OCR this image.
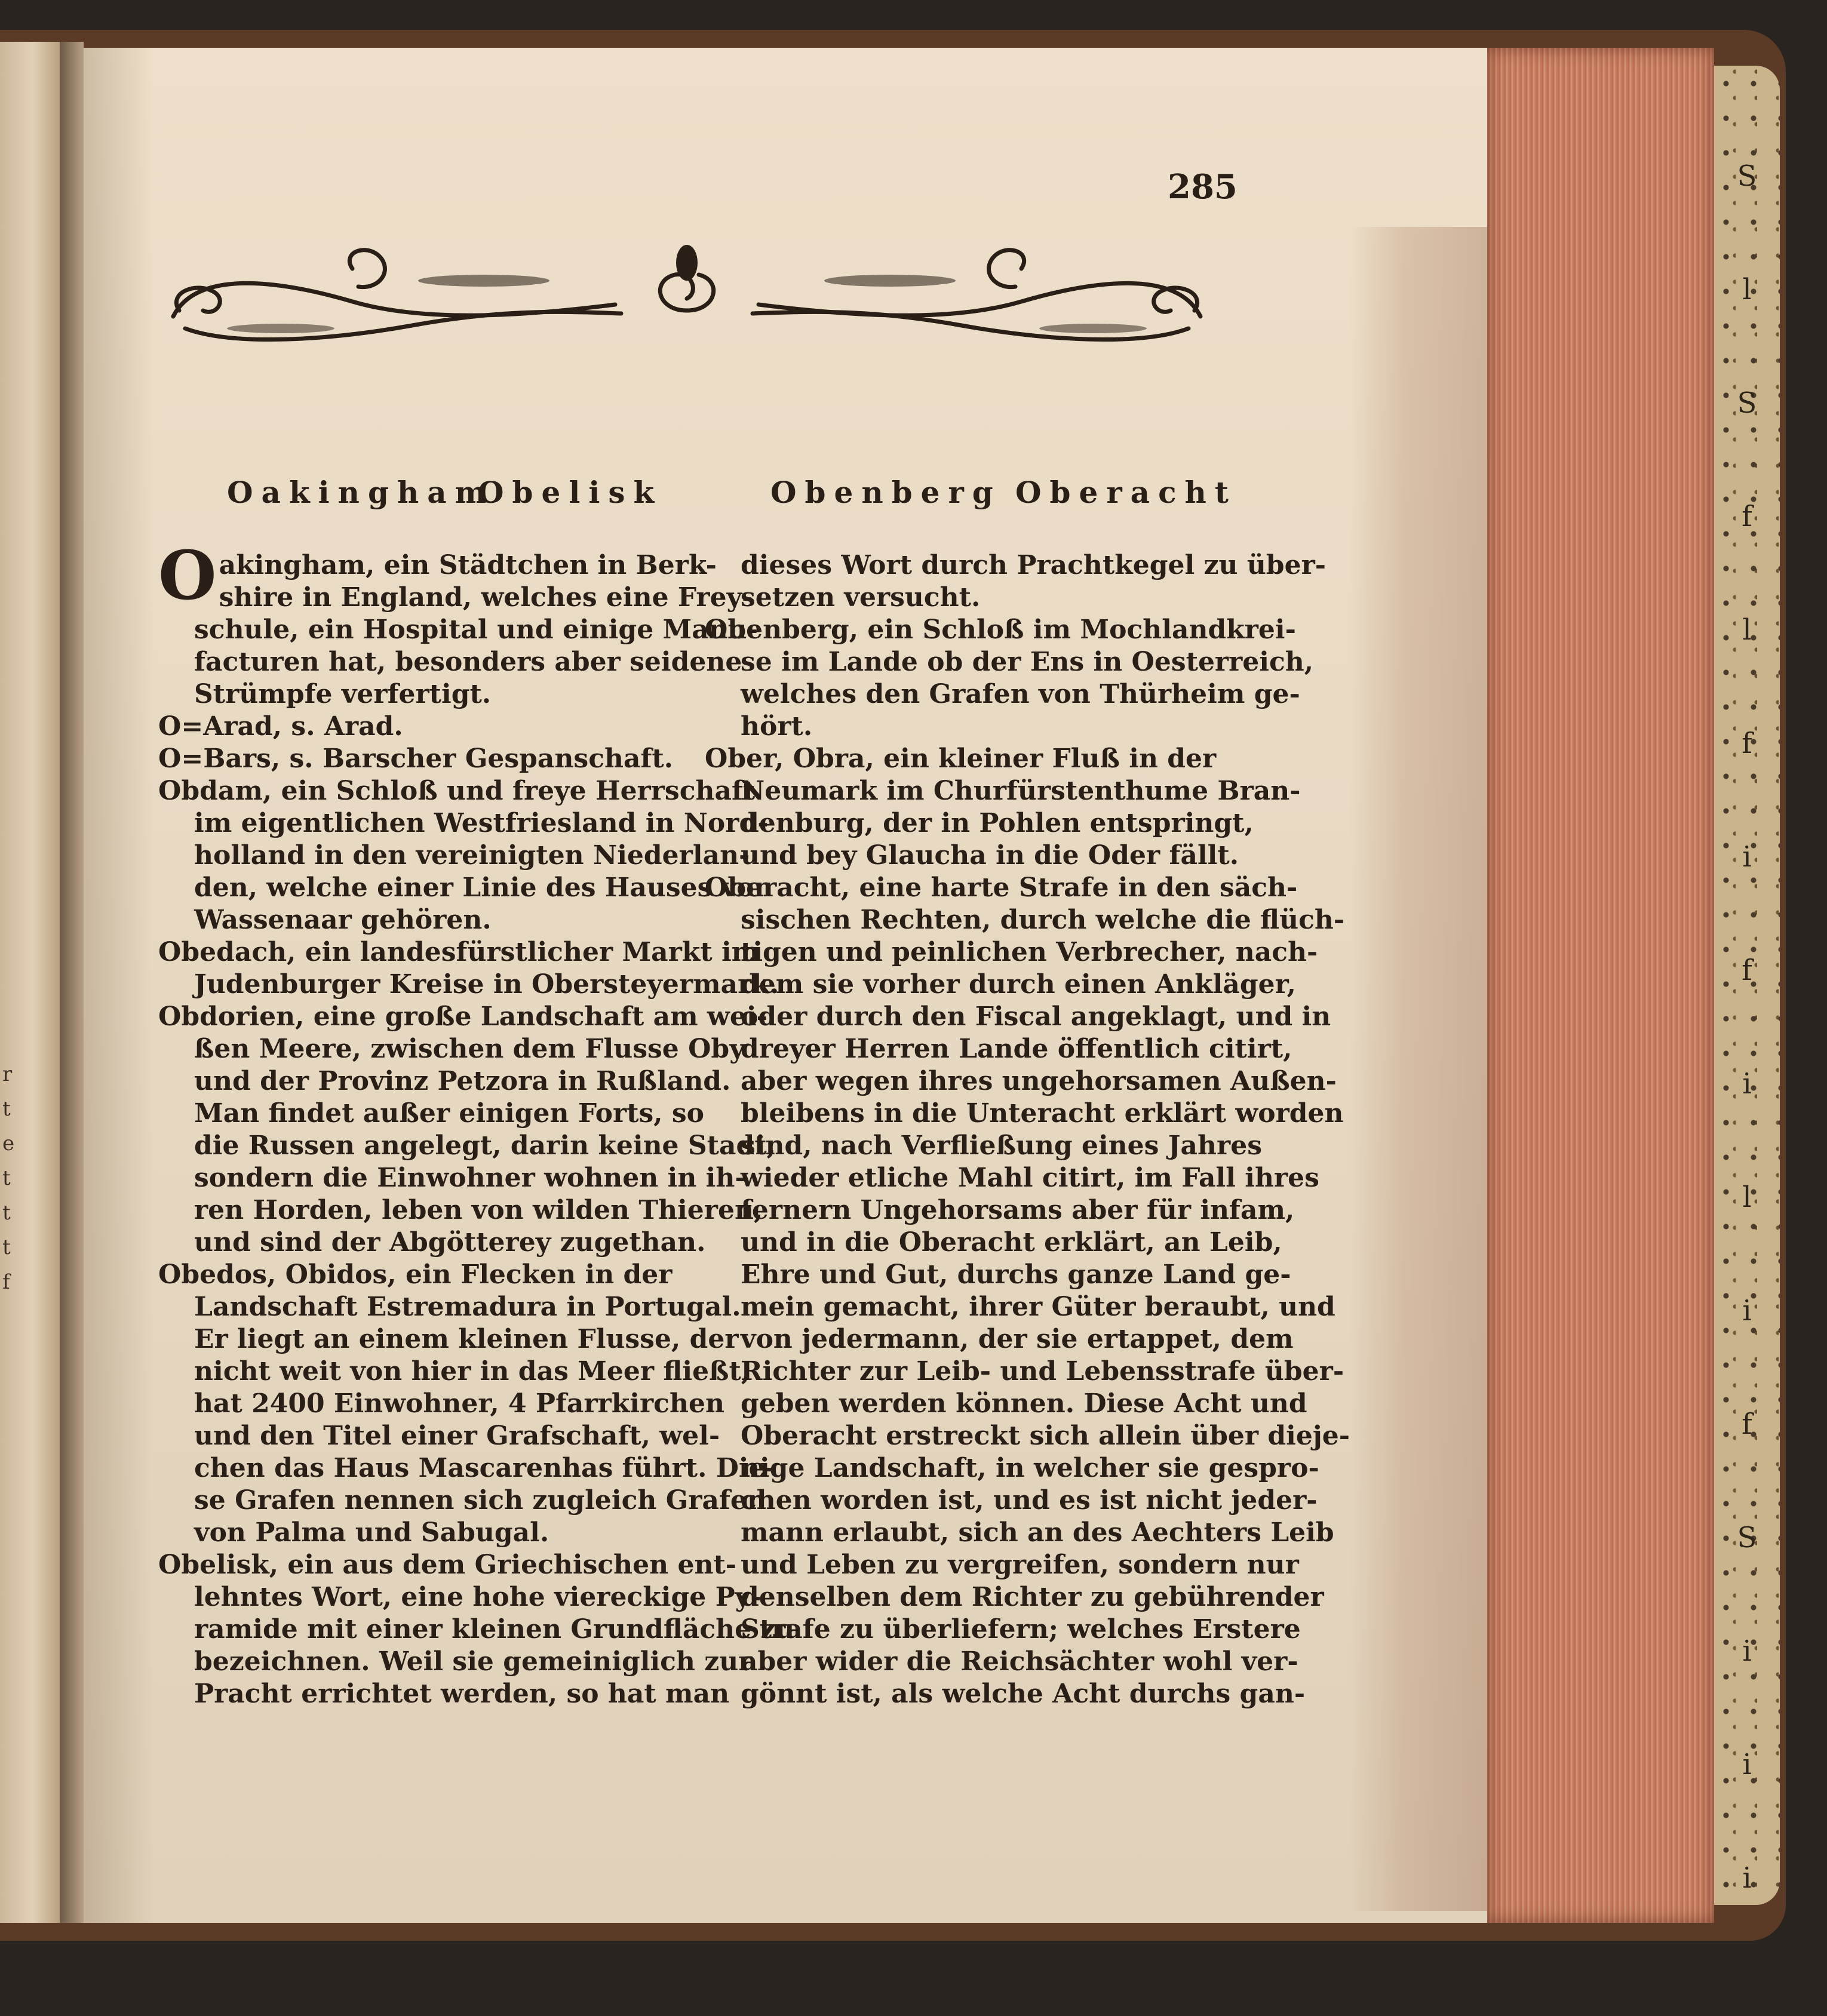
r
t
e
t
t
t
f
S
l
S
f
l
f
i
f
i
l
i
f
S
i
i
i
285
Oakingham
Obelisk	Obenberg Oberacht
Oakingham, ein Städtchen in Berk-
shire in England, welches eine Frey-
schule, ein Hospital und einige Manu-
facturen hat, besonders aber seidene
Strümpfe verfertigt.
O=Arad, s. Arad.
O=Bars, s. Barscher Gespanschaft.
Obdam, ein Schloß und freye Herrschaft
im eigentlichen Westfriesland in Nord-
holland in den vereinigten Niederlan-
den, welche einer Linie des Hauses von
Wassenaar gehören.
Obedach, ein landesfürstlicher Markt im
Judenburger Kreise in Obersteyermark.
Obdorien, eine große Landschaft am wei-
ßen Meere, zwischen dem Flusse Oby
und der Provinz Petzora in Rußland.
Man findet außer einigen Forts, so
die Russen angelegt, darin keine Stadt,
sondern die Einwohner wohnen in ih-
ren Horden, leben von wilden Thieren,
und sind der Abgötterey zugethan.
Obedos, Obidos, ein Flecken in der
Landschaft Estremadura in Portugal.
Er liegt an einem kleinen Flusse, der
nicht weit von hier in das Meer fließt,
hat 2400 Einwohner, 4 Pfarrkirchen
und den Titel einer Grafschaft, wel-
chen das Haus Mascarenhas führt. Die-
se Grafen nennen sich zugleich Grafen
von Palma und Sabugal.
Obelisk, ein aus dem Griechischen ent-
lehntes Wort, eine hohe viereckige Py-
ramide mit einer kleinen Grundfläche zu
bezeichnen. Weil sie gemeiniglich zur
Pracht errichtet werden, so hat man
dieses Wort durch Prachtkegel zu über-
setzen versucht.
Obenberg, ein Schloß im Mochlandkrei-
se im Lande ob der Ens in Oesterreich,
welches den Grafen von Thürheim ge-
hört.
Ober, Obra, ein kleiner Fluß in der
Neumark im Churfürstenthume Bran-
denburg, der in Pohlen entspringt,
und bey Glaucha in die Oder fällt.
Oberacht, eine harte Strafe in den säch-
sischen Rechten, durch welche die flüch-
tigen und peinlichen Verbrecher, nach-
dem sie vorher durch einen Ankläger,
oder durch den Fiscal angeklagt, und in
dreyer Herren Lande öffentlich citirt,
aber wegen ihres ungehorsamen Außen-
bleibens in die Unteracht erklärt worden
sind, nach Verfließung eines Jahres
wieder etliche Mahl citirt, im Fall ihres
fernern Ungehorsams aber für infam,
und in die Oberacht erklärt, an Leib,
Ehre und Gut, durchs ganze Land ge-
mein gemacht, ihrer Güter beraubt, und
von jedermann, der sie ertappet, dem
Richter zur Leib- und Lebensstrafe über-
geben werden können. Diese Acht und
Oberacht erstreckt sich allein über dieje-
nige Landschaft, in welcher sie gespro-
chen worden ist, und es ist nicht jeder-
mann erlaubt, sich an des Aechters Leib
und Leben zu vergreifen, sondern nur
denselben dem Richter zu gebührender
Strafe zu überliefern; welches Erstere
aber wider die Reichsächter wohl ver-
gönnt ist, als welche Acht durchs gan-
